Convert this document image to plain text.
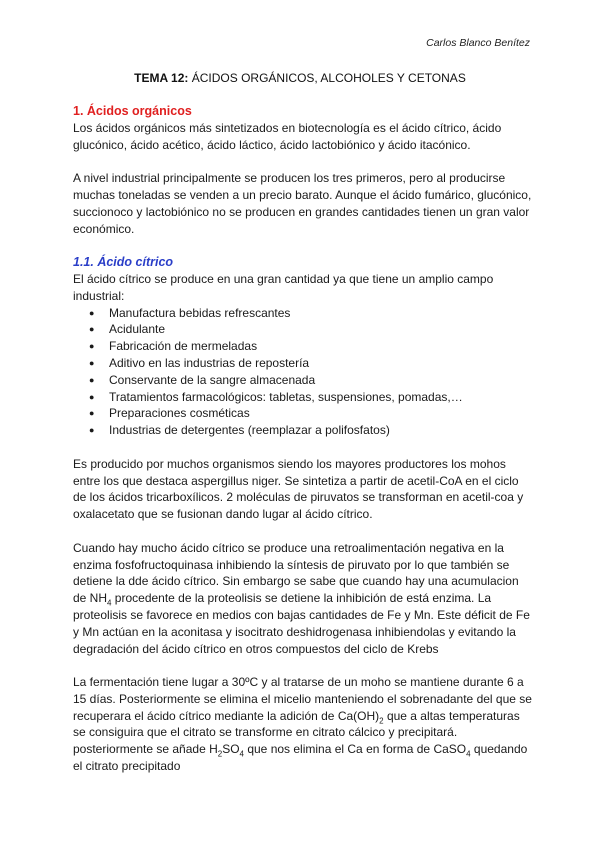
Carlos Blanco Benítez
TEMA 12: ÁCIDOS ORGÁNICOS, ALCOHOLES Y CETONAS
1. Ácidos orgánicos

Los ácidos orgánicos más sintetizados en biotecnología es el ácido cítrico, ácido glucónico, ácido acético, ácido láctico, ácido lactobiónico y ácido itacónico.

A nivel industrial principalmente se producen los tres primeros, pero al producirse muchas toneladas se venden a un precio barato. Aunque el ácido fumárico, glucónico, succionoco y lactobiónico no se producen en grandes cantidades tienen un gran valor económico.

1.1. Ácido cítrico

El ácido cítrico se produce en una gran cantidad ya que tiene un amplio campo industrial:

● Manufactura bebidas refrescantes
● Acidulante
● Fabricación de mermeladas
● Aditivo en las industrias de repostería
● Conservante de la sangre almacenada
● Tratamientos farmacológicos: tabletas, suspensiones, pomadas,…
● Preparaciones cosméticas
● Industrias de detergentes (reemplazar a polifosfatos)

Es producido por muchos organismos siendo los mayores productores los mohos entre los que destaca aspergillus niger. Se sintetiza a partir de acetil-CoA en el ciclo de los ácidos tricarboxílicos. 2 moléculas de piruvatos se transforman en acetil-coa y oxalacetato que se fusionan dando lugar al ácido cítrico.

Cuando hay mucho ácido cítrico se produce una retroalimentación negativa en la enzima fosfofructoquinasa inhibiendo la síntesis de piruvato por lo que también se detiene la dde ácido cítrico. Sin embargo se sabe que cuando hay una acumulacion de $NH_4$ procedente de la proteolisis se detiene la inhibición de está enzima. La proteolisis se favorece en medios con bajas cantidades de Fe y Mn. Este déficit de Fe y Mn actúan en la aconitasa y isocitrato deshidrogenasa inhibiendolas y evitando la degradación del ácido cítrico en otros compuestos del ciclo de Krebs

La fermentación tiene lugar a 30ºC y al tratarse de un moho se mantiene durante 6 a 15 días. Posteriormente se elimina el micelio manteniendo el sobrenadante del que se recuperara el ácido cítrico mediante la adición de $Ca(OH)_2$ que a altas temperaturas se consiguira que el citrato se transforme en citrato cálcico y precipitará. posteriormente se añade $H_2SO_4$ que nos elimina el Ca en forma de CaSO$_4$ quedando el citrato precipitado
